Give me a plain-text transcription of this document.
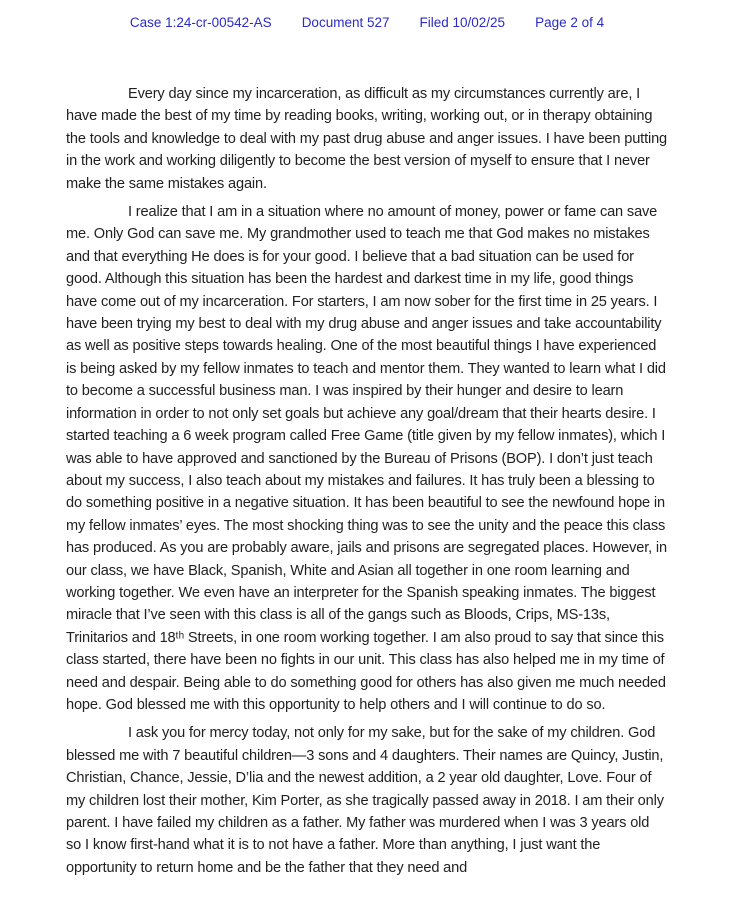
Case 1:24-cr-00542-AS Document 527 Filed 10/02/25 Page 2 of 4

Every day since my incarceration, as difficult as my circumstances currently are, I have made the best of my time by reading books, writing, working out, or in therapy obtaining the tools and knowledge to deal with my past drug abuse and anger issues. I have been putting in the work and working diligently to become the best version of myself to ensure that I never make the same mistakes again.

I realize that I am in a situation where no amount of money, power or fame can save me. Only God can save me. My grandmother used to teach me that God makes no mistakes and that everything He does is for your good. I believe that a bad situation can be used for good. Although this situation has been the hardest and darkest time in my life, good things have come out of my incarceration. For starters, I am now sober for the first time in 25 years. I have been trying my best to deal with my drug abuse and anger issues and take accountability as well as positive steps towards healing. One of the most beautiful things I have experienced is being asked by my fellow inmates to teach and mentor them. They wanted to learn what I did to become a successful business man. I was inspired by their hunger and desire to learn information in order to not only set goals but achieve any goal/dream that their hearts desire. I started teaching a 6 week program called Free Game (title given by my fellow inmates), which I was able to have approved and sanctioned by the Bureau of Prisons (BOP). I don’t just teach about my success, I also teach about my mistakes and failures. It has truly been a blessing to do something positive in a negative situation. It has been beautiful to see the newfound hope in my fellow inmates’ eyes. The most shocking thing was to see the unity and the peace this class has produced. As you are probably aware, jails and prisons are segregated places. However, in our class, we have Black, Spanish, White and Asian all together in one room learning and working together. We even have an interpreter for the Spanish speaking inmates. The biggest miracle that I’ve seen with this class is all of the gangs such as Bloods, Crips, MS-13s, Trinitarios and 18ᵗʰ Streets, in one room working together. I am also proud to say that since this class started, there have been no fights in our unit. This class has also helped me in my time of need and despair. Being able to do something good for others has also given me much needed hope. God blessed me with this opportunity to help others and I will continue to do so.

I ask you for mercy today, not only for my sake, but for the sake of my children. God blessed me with 7 beautiful children—3 sons and 4 daughters. Their names are Quincy, Justin, Christian, Chance, Jessie, D’lia and the newest addition, a 2 year old daughter, Love. Four of my children lost their mother, Kim Porter, as she tragically passed away in 2018. I am their only parent. I have failed my children as a father. My father was murdered when I was 3 years old so I know first-hand what it is to not have a father. More than anything, I just want the opportunity to return home and be the father that they need and
